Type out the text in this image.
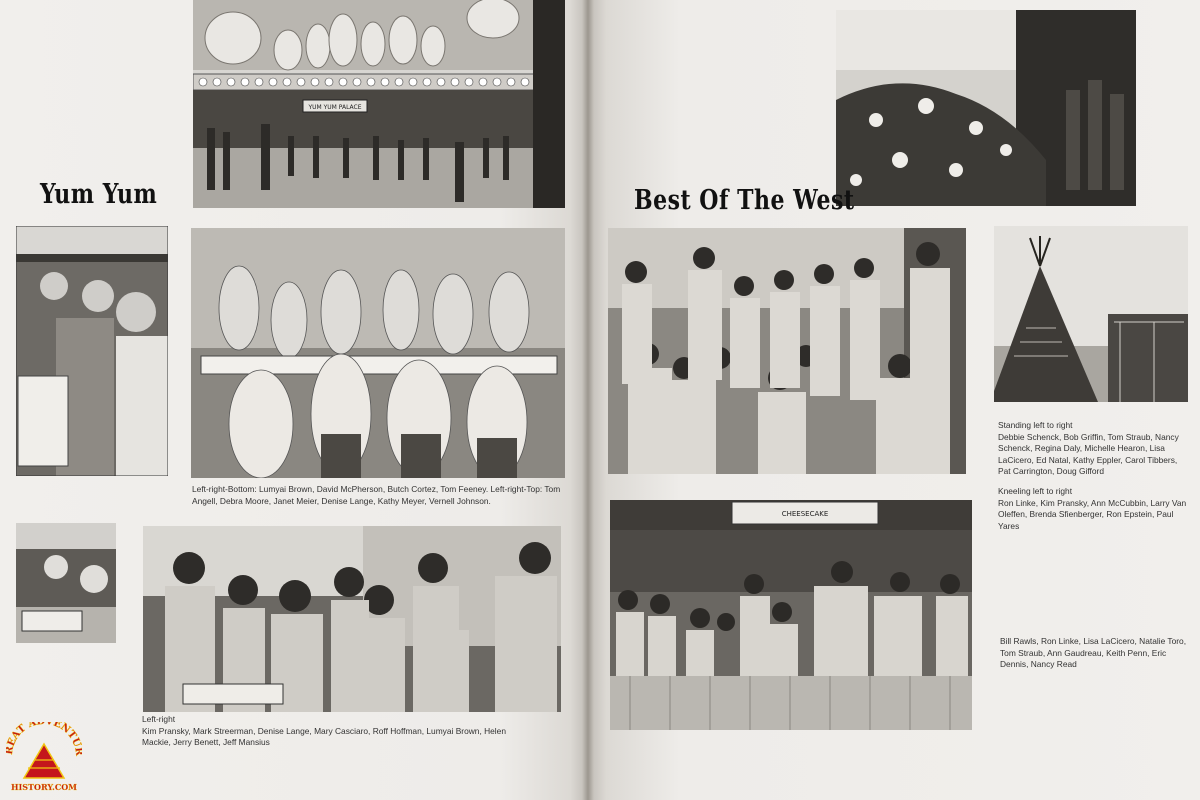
YUM YUM PALACE
Yum Yum

Left-right-Bottom: Lumyai Brown, David McPherson, Butch Cortez, Tom Feeney. Left-right-Top: Tom Angell, Debra Moore, Janet Meier, Denise Lange, Kathy Meyer, Vernell Johnson.

Left-right

Kim Pransky, Mark Streerman, Denise Lange, Mary Casciaro, Roff Hoffman, Lumyai Brown, Helen Mackie, Jerry Benett, Jeff Mansius

EAT A ENTU
HISTORY.COM
Best Of The West

Standing left to right

Debbie Schenck, Bob Griffin, Tom Straub, Nancy Schenck, Regina Daly, Michelle Hearon, Lisa LaCicero, Ed Natal, Kathy Eppler, Carol Tibbers, Pat Carrington, Doug Gifford

Kneeling left to right

Ron Linke, Kim Pransky, Ann McCubbin, Larry Van Oleffen, Brenda Sfienberger, Ron Epstein, Paul Yares

CHEESECAKE

Bill Rawls, Ron Linke, Lisa LaCicero, Natalie Toro, Tom Straub, Ann Gaudreau, Keith Penn, Eric Dennis, Nancy Read
